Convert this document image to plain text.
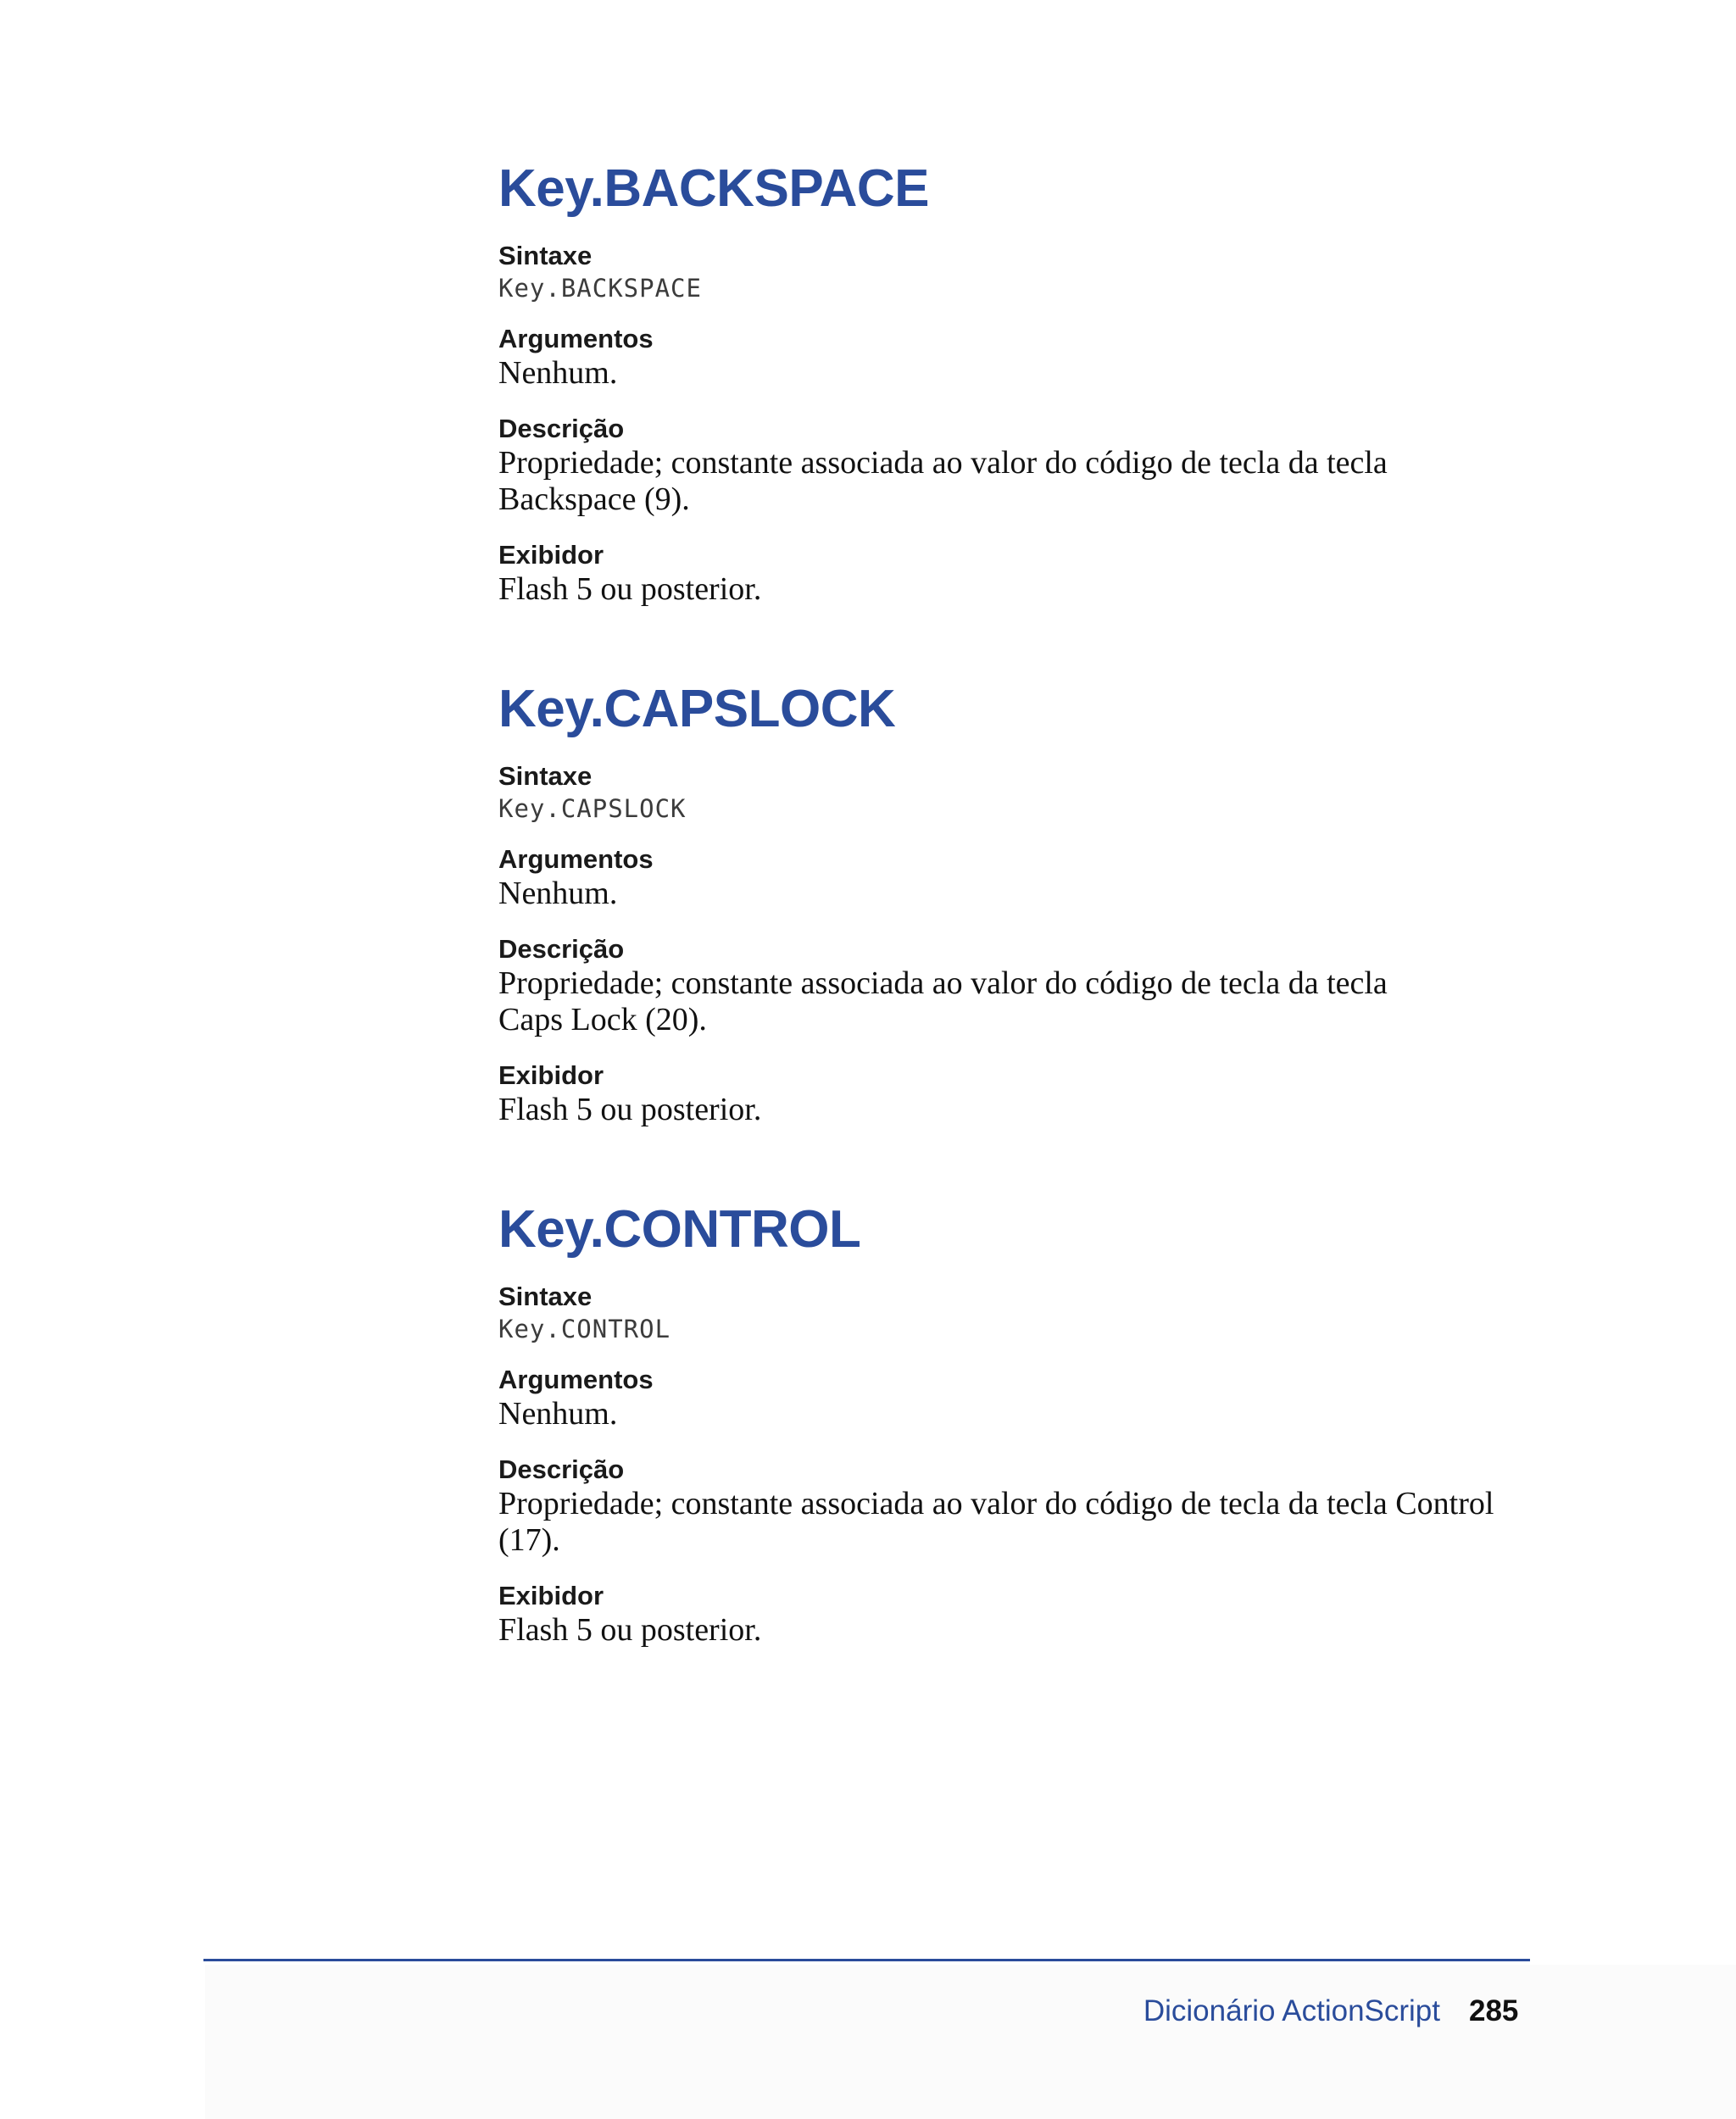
Key.BACKSPACE

Sintaxe

Key.BACKSPACE

Argumentos

Nenhum.

Descrição

Propriedade; constante associada ao valor do código de tecla da tecla
Backspace (9).

Exibidor

Flash 5 ou posterior.

Key.CAPSLOCK

Sintaxe

Key.CAPSLOCK

Argumentos

Nenhum.

Descrição

Propriedade; constante associada ao valor do código de tecla da tecla
Caps Lock (20).

Exibidor

Flash 5 ou posterior.

Key.CONTROL

Sintaxe

Key.CONTROL

Argumentos

Nenhum.

Descrição

Propriedade; constante associada ao valor do código de tecla da tecla Control (17).

Exibidor

Flash 5 ou posterior.

Dicionário ActionScript 285
